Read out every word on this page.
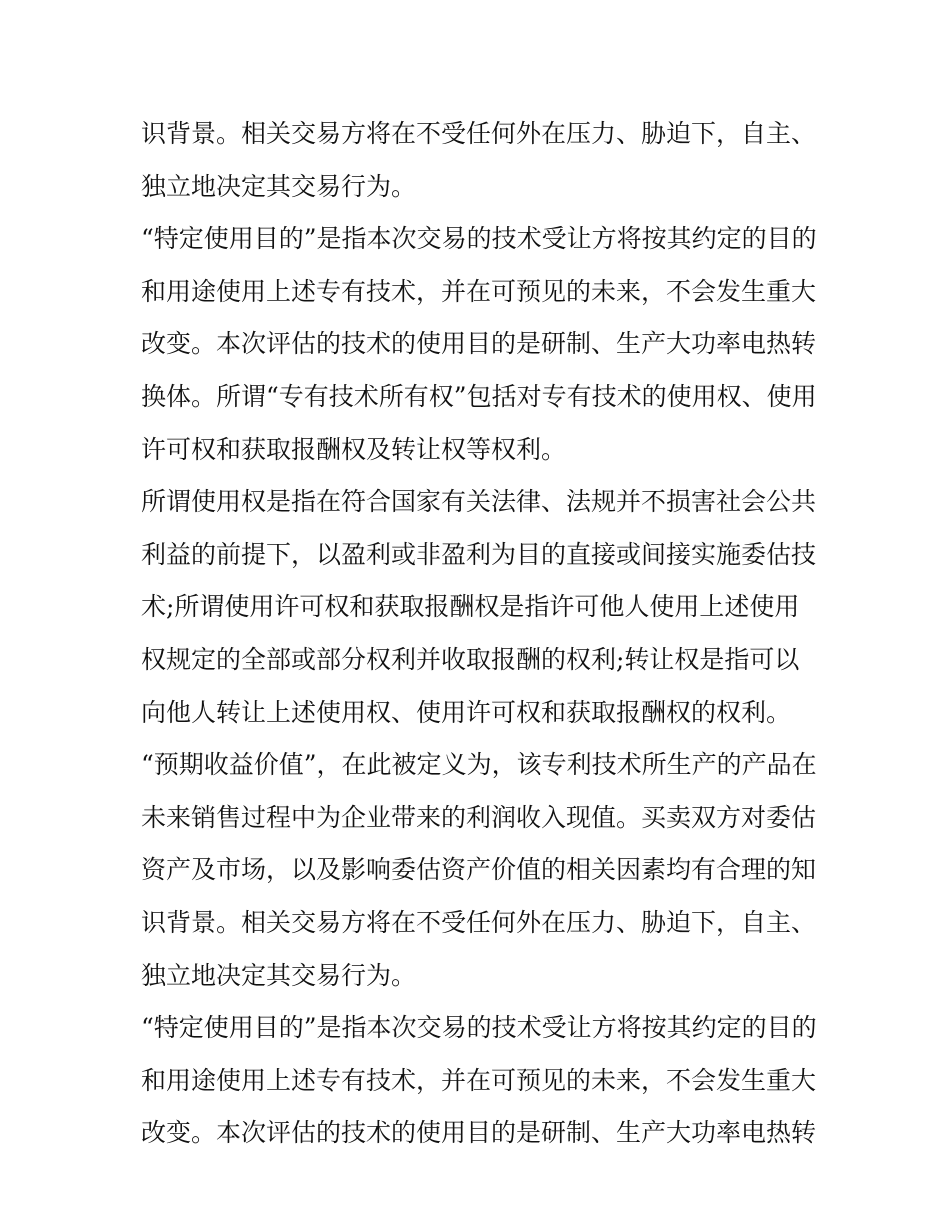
识背景。相关交易方将在不受任何外在压力、胁迫下，自主、
独立地决定其交易行为。
“特定使用目的”是指本次交易的技术受让方将按其约定的目的
和用途使用上述专有技术，并在可预见的未来，不会发生重大
改变。本次评估的技术的使用目的是研制、生产大功率电热转
换体。所谓“专有技术所有权”包括对专有技术的使用权、使用
许可权和获取报酬权及转让权等权利。
所谓使用权是指在符合国家有关法律、法规并不损害社会公共
利益的前提下，以盈利或非盈利为目的直接或间接实施委估技
术;所谓使用许可权和获取报酬权是指许可他人使用上述使用
权规定的全部或部分权利并收取报酬的权利;转让权是指可以
向他人转让上述使用权、使用许可权和获取报酬权的权利。
“预期收益价值”，在此被定义为，该专利技术所生产的产品在
未来销售过程中为企业带来的利润收入现值。买卖双方对委估
资产及市场，以及影响委估资产价值的相关因素均有合理的知
识背景。相关交易方将在不受任何外在压力、胁迫下，自主、
独立地决定其交易行为。
“特定使用目的”是指本次交易的技术受让方将按其约定的目的
和用途使用上述专有技术，并在可预见的未来，不会发生重大
改变。本次评估的技术的使用目的是研制、生产大功率电热转
